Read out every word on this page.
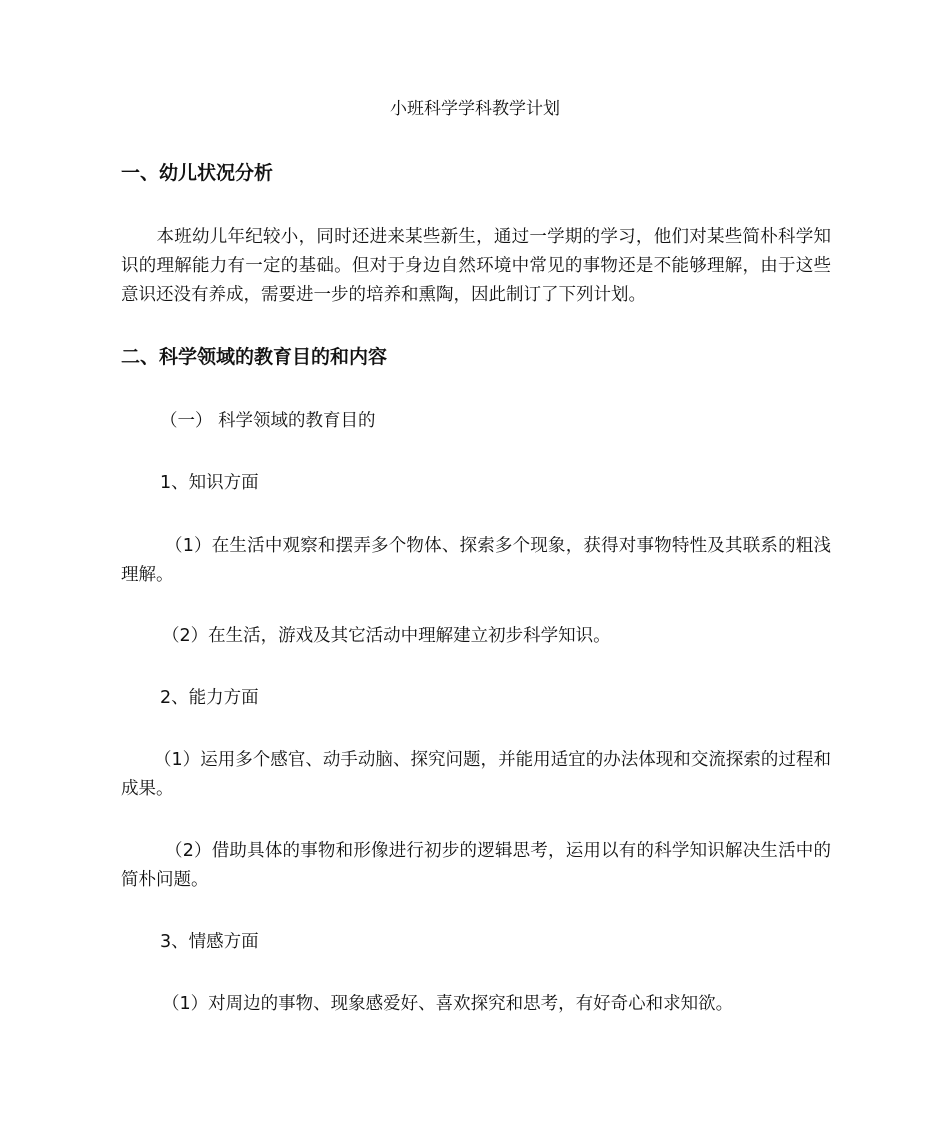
小班科学学科教学计划
一、幼儿状况分析
　　本班幼儿年纪较小，同时还进来某些新生，通过一学期的学习，他们对某些简朴科学知识的理解能力有一定的基础。但对于身边自然环境中常见的事物还是不能够理解，由于这些意识还没有养成，需要进一步的培养和熏陶，因此制订了下列计划。
二、科学领域的教育目的和内容
（一） 科学领域的教育目的
1、知识方面
（1）在生活中观察和摆弄多个物体、探索多个现象，获得对事物特性及其联系的粗浅理解。
（2）在生活，游戏及其它活动中理解建立初步科学知识。
2、能力方面
（1）运用多个感官、动手动脑、探究问题，并能用适宜的办法体现和交流探索的过程和成果。
（2）借助具体的事物和形像进行初步的逻辑思考，运用以有的科学知识解决生活中的简朴问题。
3、情感方面
（1）对周边的事物、现象感爱好、喜欢探究和思考，有好奇心和求知欲。
